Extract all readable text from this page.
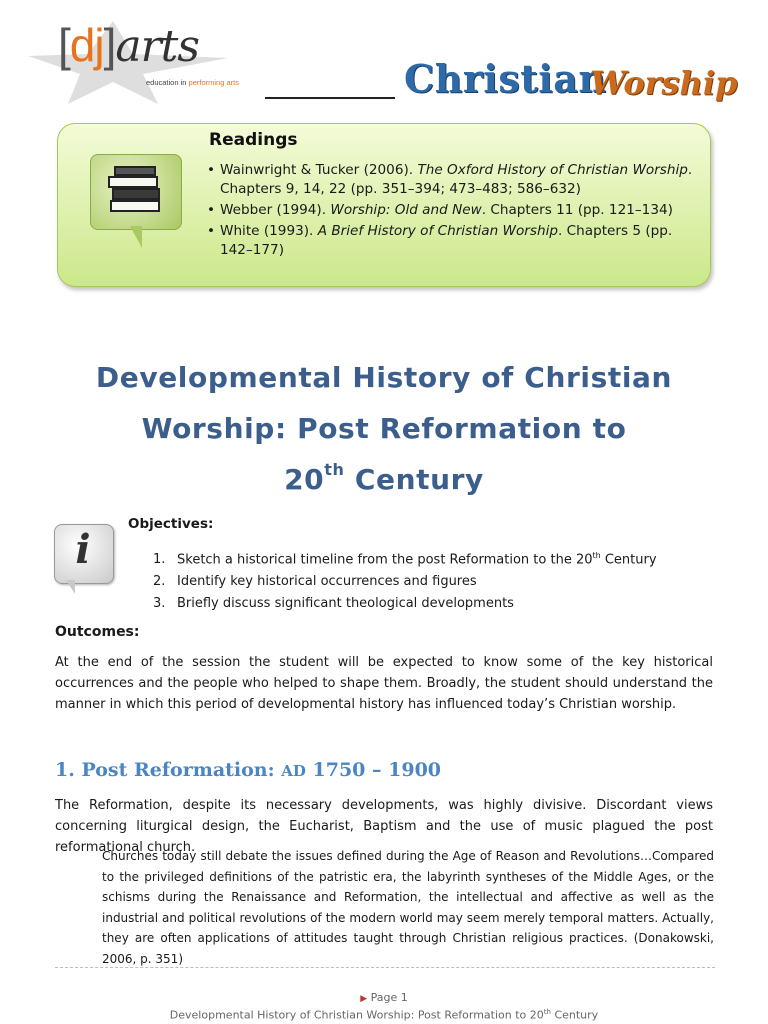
[dj]arts
education in performing arts	Christian
Worship
Readings
• Wainwright & Tucker (2006). The Oxford History of Christian Worship. Chapters 9, 14, 22 (pp. 351–394; 473–483; 586–632)
• Webber (1994). Worship: Old and New. Chapters 11 (pp. 121–134)
• White (1993). A Brief History of Christian Worship. Chapters 5 (pp. 142–177)
Developmental History of Christian
Worship: Post Reformation to
20th Century
i
Objectives:
1. Sketch a historical timeline from the post Reformation to the 20th Century
2. Identify key historical occurrences and figures
3. Briefly discuss significant theological developments
Outcomes:
At the end of the session the student will be expected to know some of the key historical occurrences and the people who helped to shape them. Broadly, the student should understand the manner in which this period of developmental history has influenced today’s Christian worship.
1. Post Reformation: AD 1750 – 1900
The Reformation, despite its necessary developments, was highly divisive. Discordant views concerning liturgical design, the Eucharist, Baptism and the use of music plagued the post reformational church.
Churches today still debate the issues defined during the Age of Reason and Revolutions…Compared to the privileged definitions of the patristic era, the labyrinth syntheses of the Middle Ages, or the schisms during the Renaissance and Reformation, the intellectual and affective as well as the industrial and political revolutions of the modern world may seem merely temporal matters. Actually, they are often applications of attitudes taught through Christian religious practices. (Donakowski, 2006, p. 351)
▶ Page 1
Developmental History of Christian Worship: Post Reformation to 20th Century
